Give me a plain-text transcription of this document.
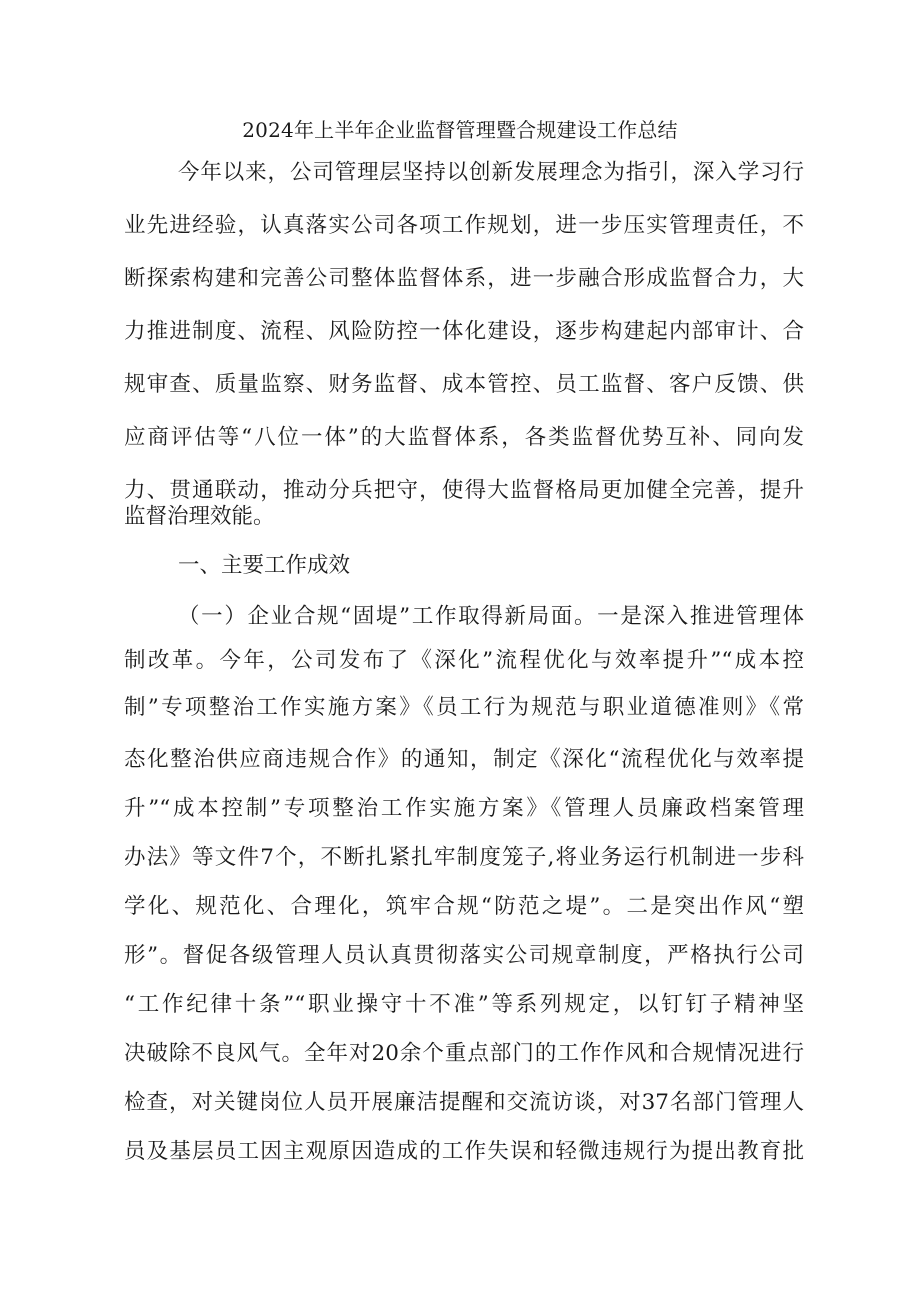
2024年上半年企业监督管理暨合规建设工作总结
今年以来，公司管理层坚持以创新发展理念为指引，深入学习行
业先进经验，认真落实公司各项工作规划，进一步压实管理责任，不
断探索构建和完善公司整体监督体系，进一步融合形成监督合力，大
力推进制度、流程、风险防控一体化建设，逐步构建起内部审计、合
规审查、质量监察、财务监督、成本管控、员工监督、客户反馈、供
应商评估等“八位一体”的大监督体系，各类监督优势互补、同向发
力、贯通联动，推动分兵把守，使得大监督格局更加健全完善，提升
监督治理效能。
一、主要工作成效
（一）企业合规“固堤”工作取得新局面。一是深入推进管理体
制改革。今年，公司发布了《深化”流程优化与效率提升”“成本控
制”专项整治工作实施方案》《员工行为规范与职业道德准则》《常
态化整治供应商违规合作》的通知，制定《深化“流程优化与效率提
升”“成本控制”专项整治工作实施方案》《管理人员廉政档案管理
办法》等文件7个，不断扎紧扎牢制度笼子,将业务运行机制进一步科
学化、规范化、合理化，筑牢合规“防范之堤”。二是突出作风“塑
形”。督促各级管理人员认真贯彻落实公司规章制度，严格执行公司
“工作纪律十条”“职业操守十不准”等系列规定，以钉钉子精神坚
决破除不良风气。全年对20余个重点部门的工作作风和合规情况进行
检查，对关键岗位人员开展廉洁提醒和交流访谈，对37名部门管理人
员及基层员工因主观原因造成的工作失误和轻微违规行为提出教育批
